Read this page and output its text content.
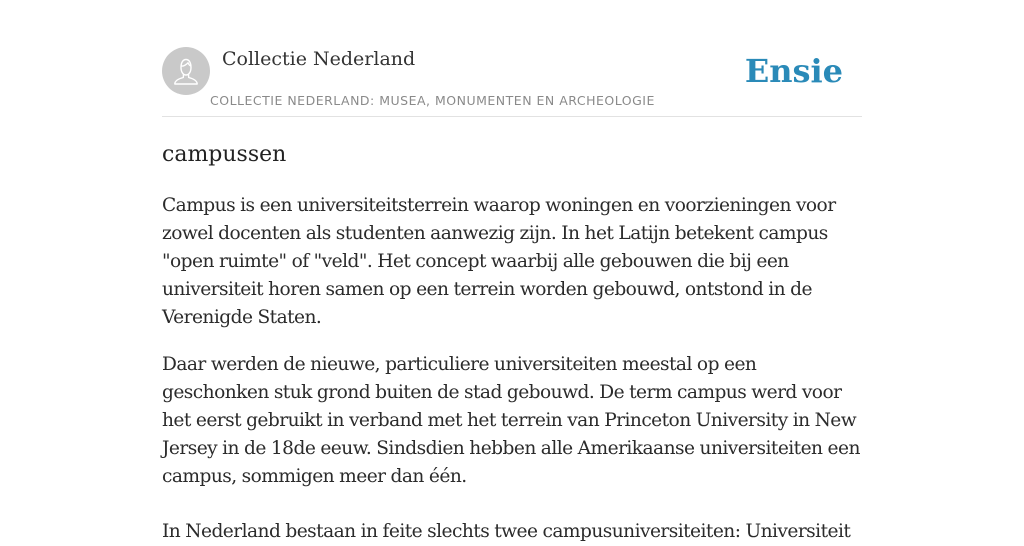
Collectie Nederland
COLLECTIE NEDERLAND: MUSEA, MONUMENTEN EN ARCHEOLOGIE
Ensie
campussen

Campus is een universiteitsterrein waarop woningen en voorzieningen voor zowel docenten als studenten aanwezig zijn. In het Latijn betekent campus "open ruimte" of "veld". Het concept waarbij alle gebouwen die bij een universiteit horen samen op een terrein worden gebouwd, ontstond in de Verenigde Staten.

Daar werden de nieuwe, particuliere universiteiten meestal op een geschonken stuk grond buiten de stad gebouwd. De term campus werd voor het eerst gebruikt in verband met het terrein van Princeton University in New Jersey in de 18de eeuw. Sindsdien hebben alle Amerikaanse universiteiten een campus, sommigen meer dan één.

In Nederland bestaan in feite slechts twee campusuniversiteiten: Universiteit
